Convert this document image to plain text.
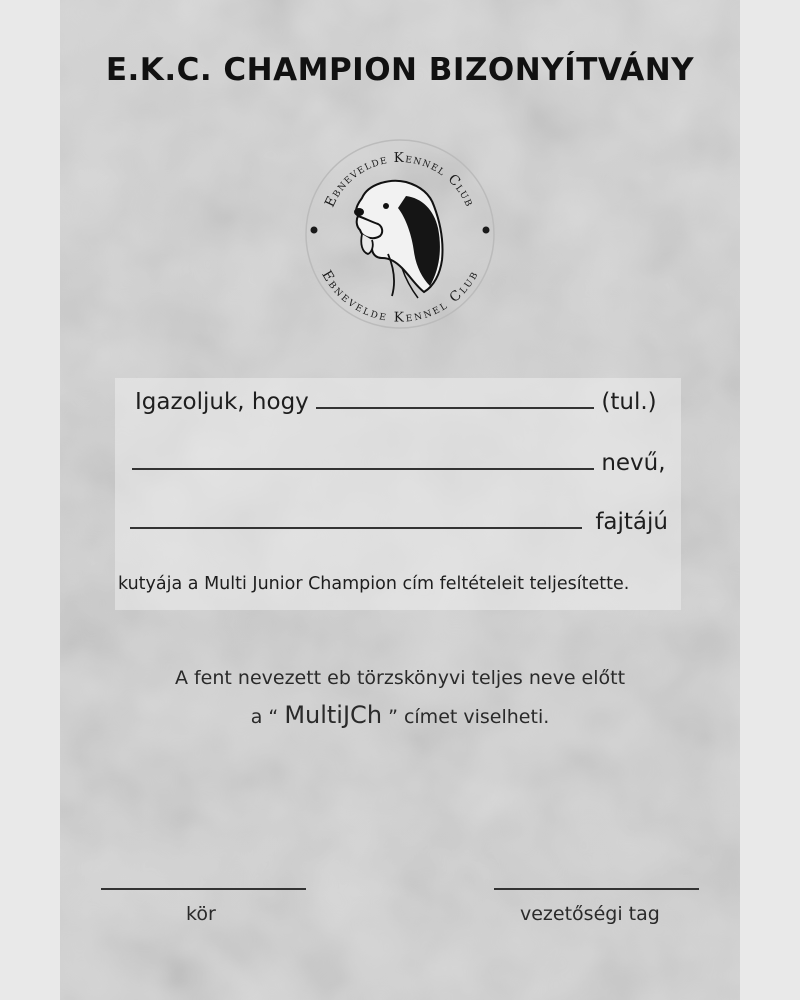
E.K.C. CHAMPION BIZONYÍTVÁNY
Ebnevelde Kennel Club
Ebnevelde Kennel Club
Igazoljuk, hogy	(tul.)
nevű,
fajtájú
kutyája a Multi Junior Champion cím feltételeit teljesítette.
A fent nevezett eb törzskönyvi teljes neve előtt
a “ MultiJCh ” címet viselheti.
kör	vezetőségi tag
